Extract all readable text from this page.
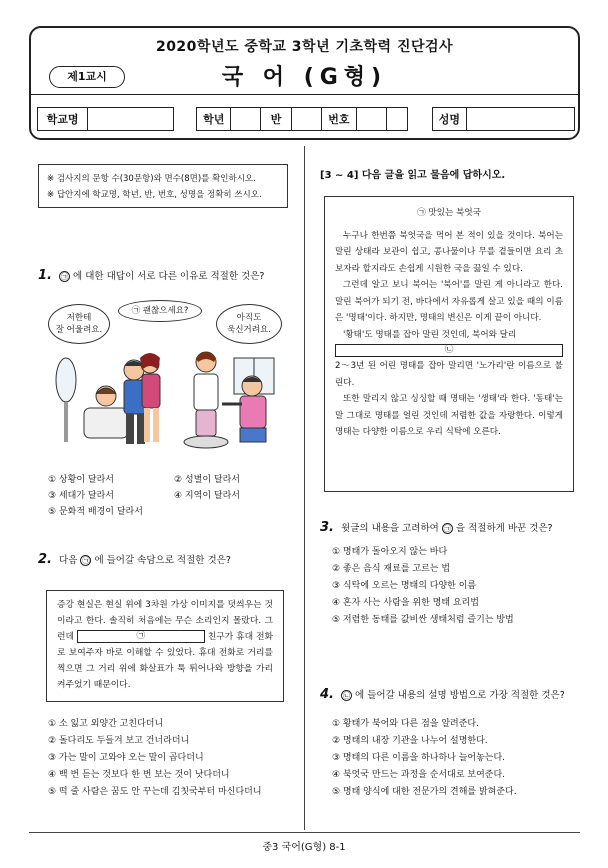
2020학년도 중학교 3학년 기초학력 진단검사
제1교시	국 어 (G형)
학교명	학년	반	번호	성명
※ 검사지의 문항 수(30문항)와 면수(8면)를 확인하시오.
※ 답안지에 학교명, 학년, 반, 번호, 성명을 정확히 쓰시오.
1. ㉠ 에 대한 대답이 서로 다른 이유로 적절한 것은?
저한테
잘 어울려요.
㉠ 괜찮으세요?
아직도
욱신거려요.
① 상황이 달라서	② 성별이 달라서
③ 세대가 달라서	④ 지역이 달라서
⑤ 문화적 배경이 달라서
2. 다음 ㉠ 에 들어갈 속담으로 적절한 것은?
증강 현실은 현실 위에 3차원 가상 이미지를 덧씌우는 것이라고 한다. 솔직히 처음에는 무슨 소리인지 몰랐다. 그런데	㉠	친구가 휴대 전화로 보여주자 바로 이해할 수 있었다. 휴대 전화로 거리를 찍으면 그 거리 위에 화살표가 툭 튀어나와 방향을 가리켜주었기 때문이다.
① 소 잃고 외양간 고친다더니
② 돌다리도 두들겨 보고 건너라더니
③ 가는 말이 고와야 오는 말이 곱다더니
④ 백 번 듣는 것보다 한 번 보는 것이 낫다더니
⑤ 떡 줄 사람은 꿈도 안 꾸는데 김칫국부터 마신다더니
[3 ~ 4] 다음 글을 읽고 물음에 답하시오.
㉠ 맛있는 북엇국
누구나 한번쯤 북엇국을 먹어 본 적이 있을 것이다. 북어는 말린 상태라 보관이 쉽고, 콩나물이나 무를 곁들이면 요리 초보자라 할지라도 손쉽게 시원한 국을 끓일 수 있다.
그런데 알고 보니 북어는 '북어'를 말린 게 아니라고 한다. 말린 북어가 되기 전, 바다에서 자유롭게 살고 있을 때의 이름은 '명태'이다. 하지만, 명태의 변신은 이게 끝이 아니다.
'황태'도 명태를 잡아 말린 것인데, 북어와 달리
㉡
2～3년 된 어린 명태를 잡아 말리면 '노가리'란 이름으로 불린다.
또한 말리지 않고 싱싱할 때 명태는 '생태'라 한다. '동태'는 말 그대로 명태를 얼린 것인데 저렴한 값을 자랑한다. 이렇게 명태는 다양한 이름으로 우리 식탁에 오른다.
3. 윗글의 내용을 고려하여 ㉠ 을 적절하게 바꾼 것은?
① 명태가 돌아오지 않는 바다
② 좋은 음식 재료를 고르는 법
③ 식탁에 오르는 명태의 다양한 이름
④ 혼자 사는 사람을 위한 명태 요리법
⑤ 저렴한 동태를 값비싼 생태처럼 즐기는 방법
4. ㉡ 에 들어갈 내용의 설명 방법으로 가장 적절한 것은?
① 황태가 북어와 다른 점을 알려준다.
② 명태의 내장 기관을 나누어 설명한다.
③ 명태의 다른 이름을 하나하나 늘어놓는다.
④ 북엇국 만드는 과정을 순서대로 보여준다.
⑤ 명태 양식에 대한 전문가의 견해를 밝혀준다.
중3 국어(G형) 8-1
